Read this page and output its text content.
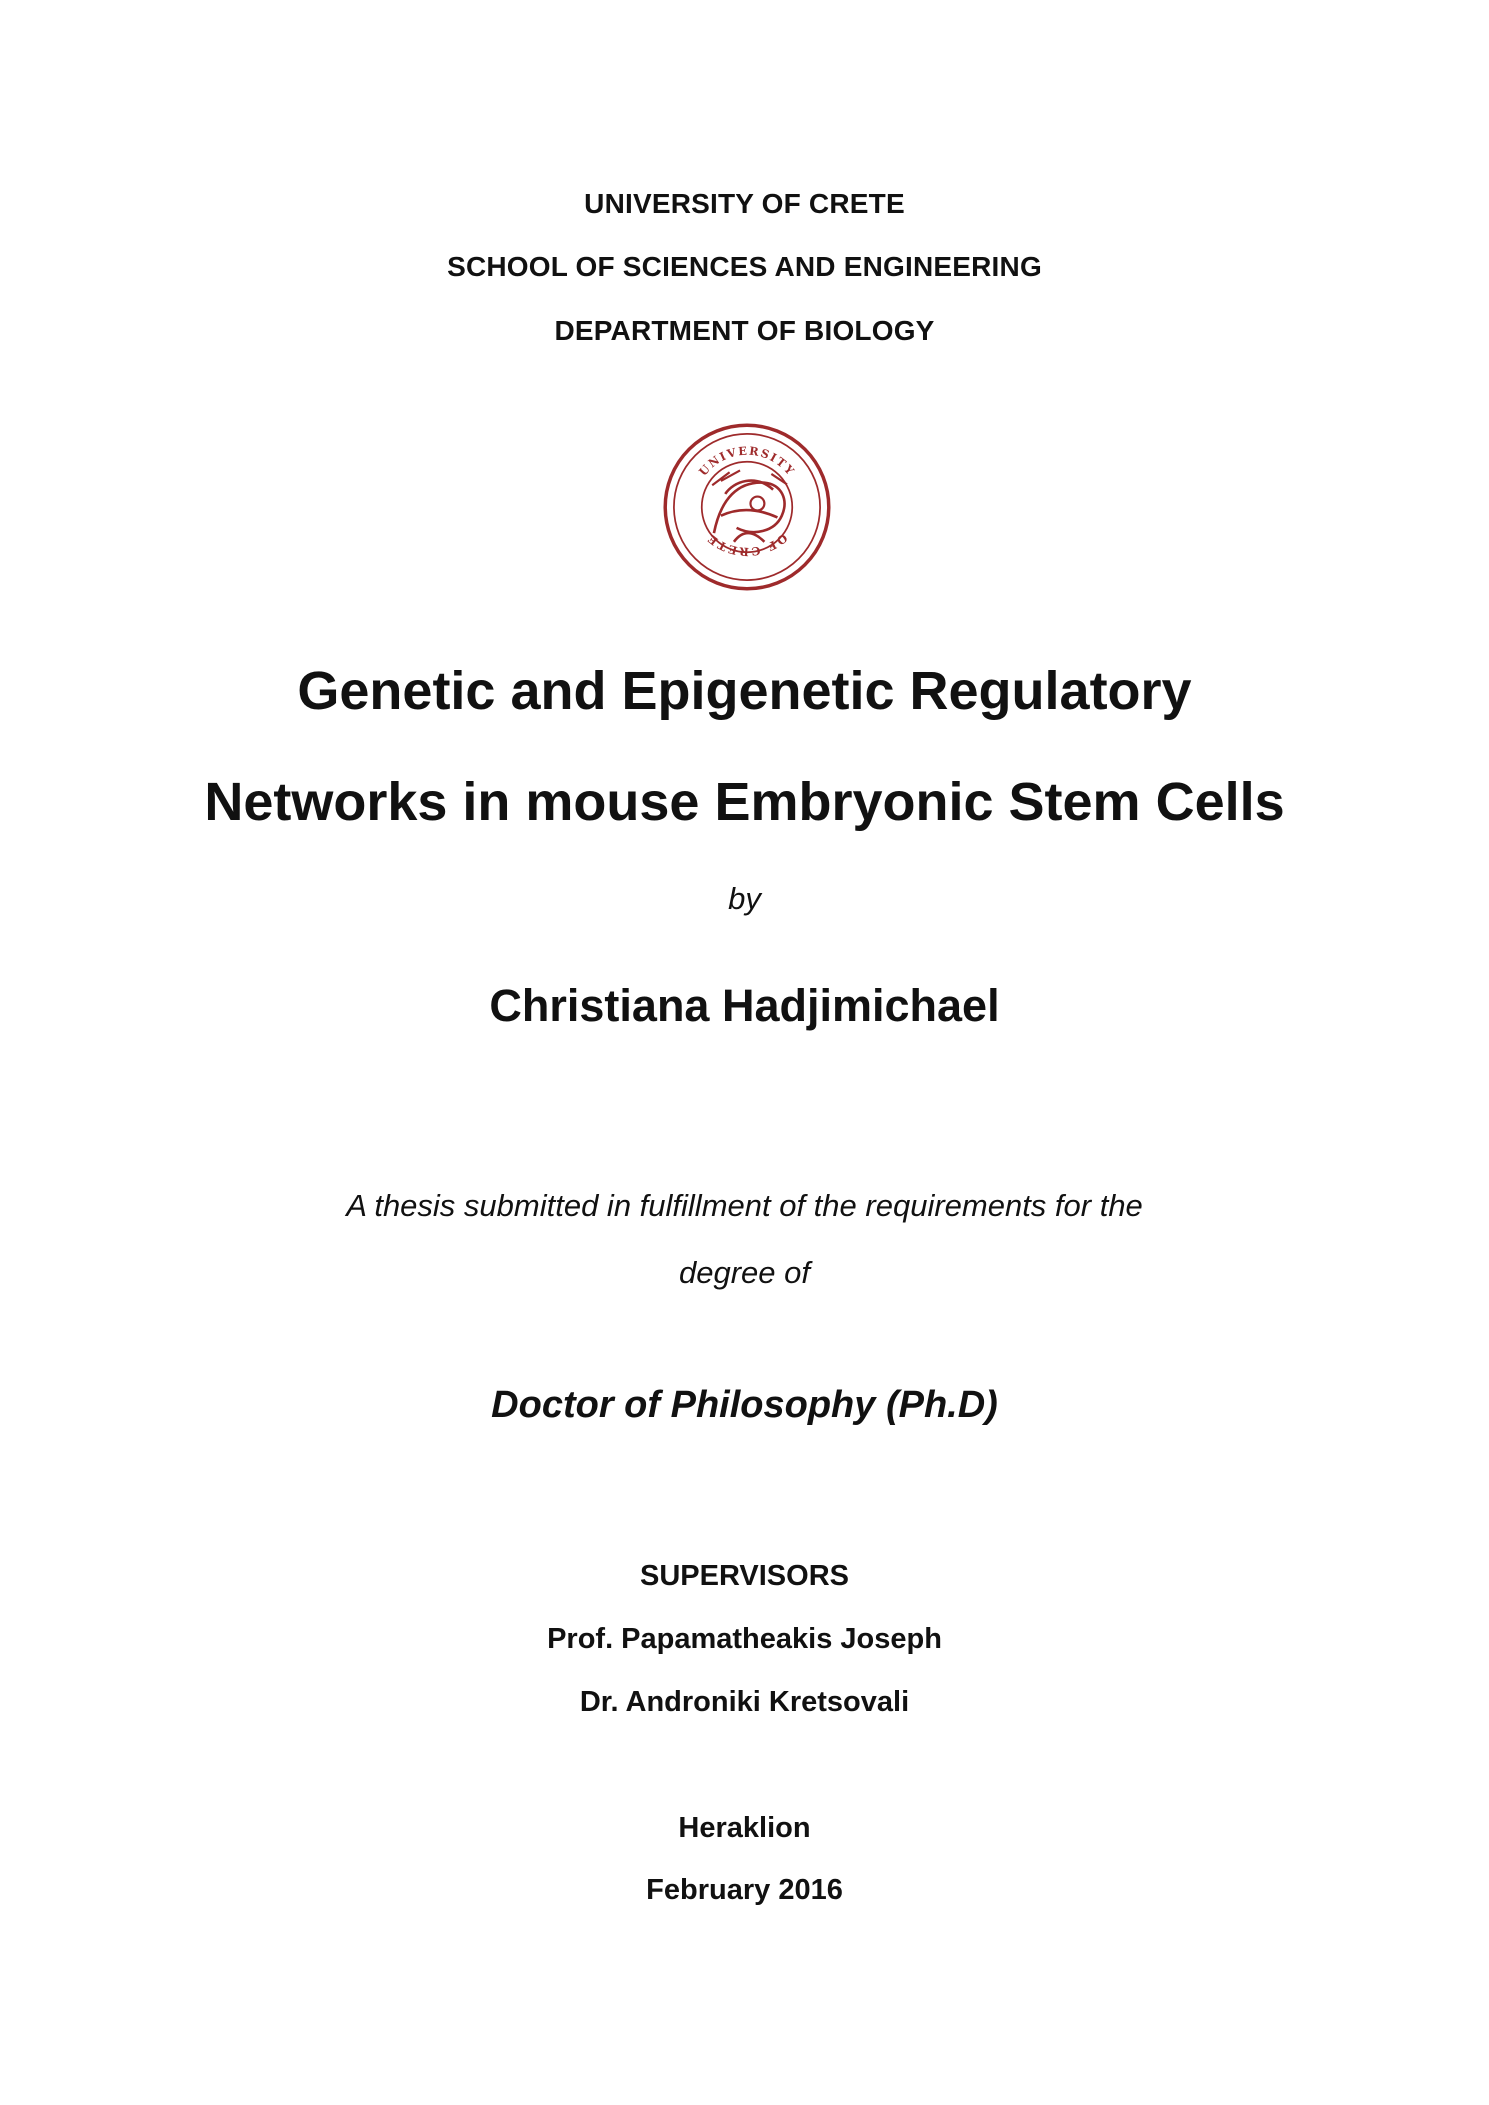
UNIVERSITY OF CRETE
SCHOOL OF SCIENCES AND ENGINEERING
DEPARTMENT OF BIOLOGY
UNIVERSITY
OF CRETE
Genetic and Epigenetic Regulatory
Networks in mouse Embryonic Stem Cells
by
Christiana Hadjimichael
A thesis submitted in fulfillment of the requirements for the
degree of
Doctor of Philosophy (Ph.D)
SUPERVISORS
Prof. Papamatheakis Joseph
Dr. Androniki Kretsovali
Heraklion
February 2016
